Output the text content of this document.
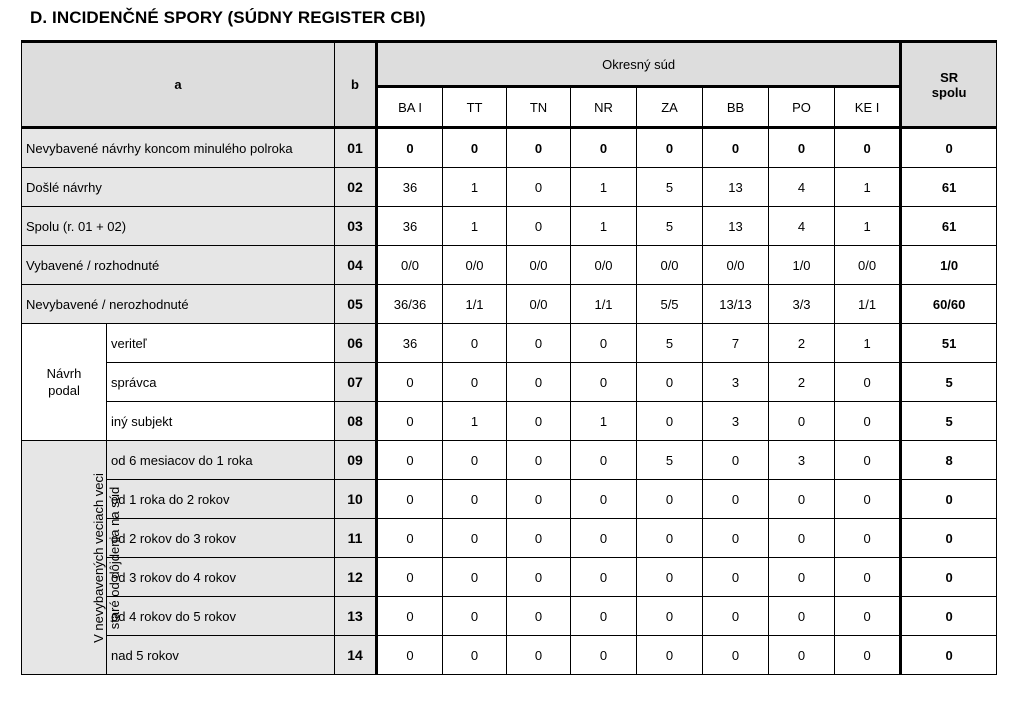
D. INCIDENČNÉ SPORY (SÚDNY REGISTER CBI)
a		b	Okresný súd								SR
spolu

			BA I	TT	TN	NR	ZA	BB	PO	KE I	
Nevybavené návrhy koncom minulého polroka		01	0	0	0	0	0	0	0	0	0
Došlé návrhy		02	36	1	0	1	5	13	4	1	61
Spolu (r. 01 + 02)		03	36	1	0	1	5	13	4	1	61
Vybavené / rozhodnuté		04	0/0	0/0	0/0	0/0	0/0	0/0	1/0	0/0	1/0
Nevybavené / nerozhodnuté		05	36/36	1/1	0/0	1/1	5/5	13/13	3/3	1/1	60/60

Návrh
podal	veriteľ	06	36	0	0	0	5	7	2	1	51
	správca	07	0	0	0	0	0	3	2	0	5
	iný subjekt	08	0	1	0	1	0	3	0	0	5

V nevybavených veciach veci staré od dôjdenia na súd	od 6 mesiacov do 1 roka	09	0	0	0	0	5	0	3	0	8
	od 1 roka do 2 rokov	10	0	0	0	0	0	0	0	0	0
	od 2 rokov do 3 rokov	11	0	0	0	0	0	0	0	0	0
	od 3 rokov do 4 rokov	12	0	0	0	0	0	0	0	0	0
	od 4 rokov do 5 rokov	13	0	0	0	0	0	0	0	0	0
	nad 5 rokov	14	0	0	0	0	0	0	0	0	0
